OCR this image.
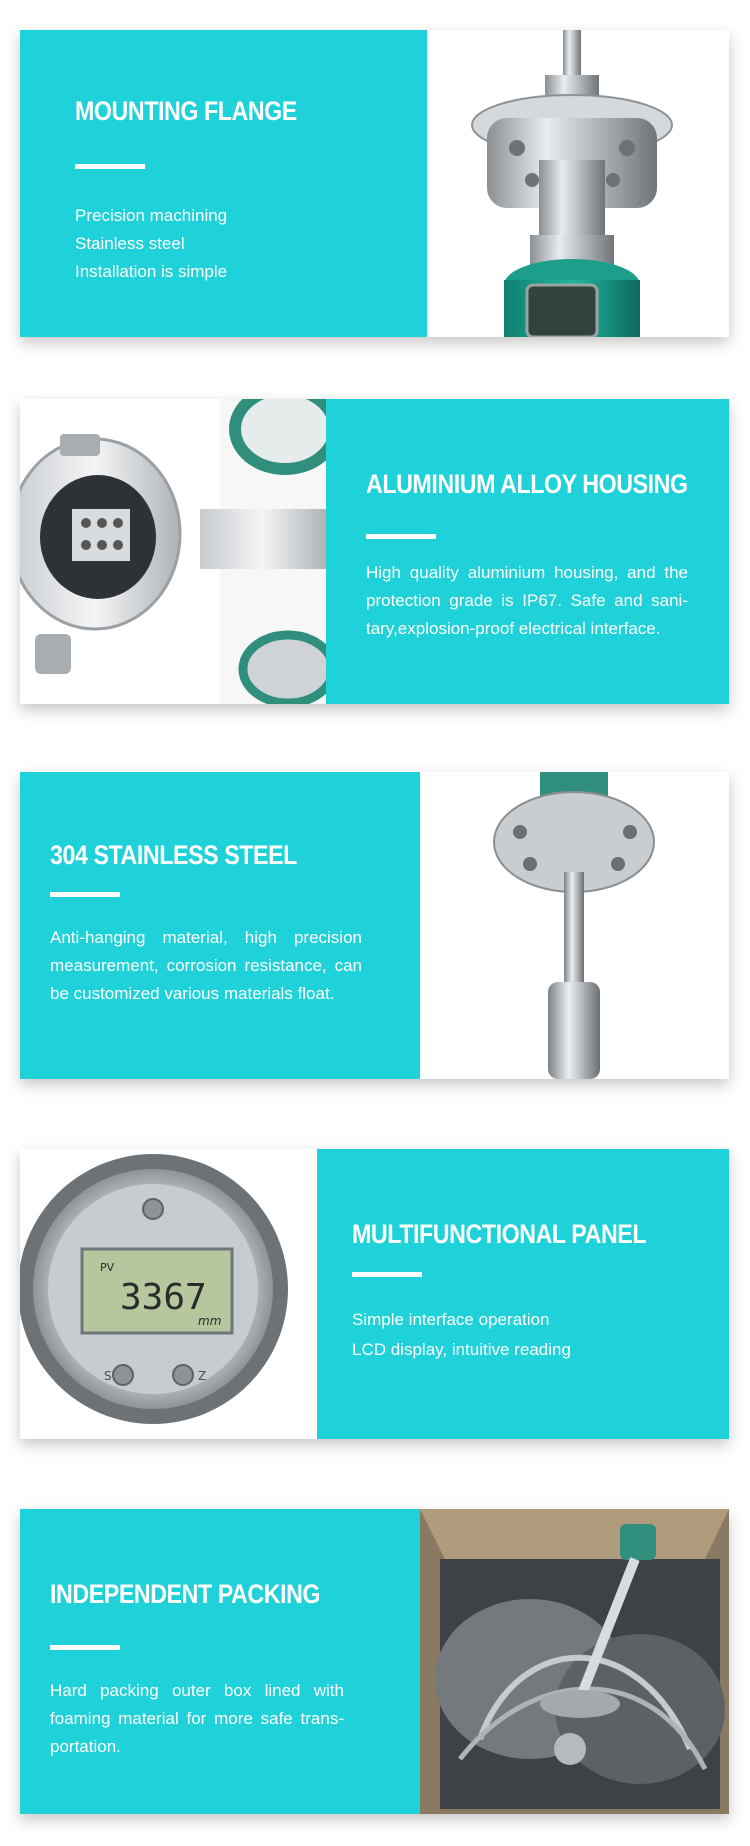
MOUNTING FLANGE
Precision machining
Stainless steel
Installation is simple
ALUMINIUM ALLOY HOUSING
High quality aluminium housing, and the protection grade is IP67. Safe and sani-tary,explosion-proof electrical interface.
304 STAINLESS STEEL
Anti-hanging material, high precision measurement, corrosion resistance, can be customized various materials float.
PV
3367
mm
S	Z
MULTIFUNCTIONAL PANEL
Simple interface operation
LCD display, intuitive reading
INDEPENDENT PACKING
Hard packing outer box lined with foaming material for more safe trans-portation.
